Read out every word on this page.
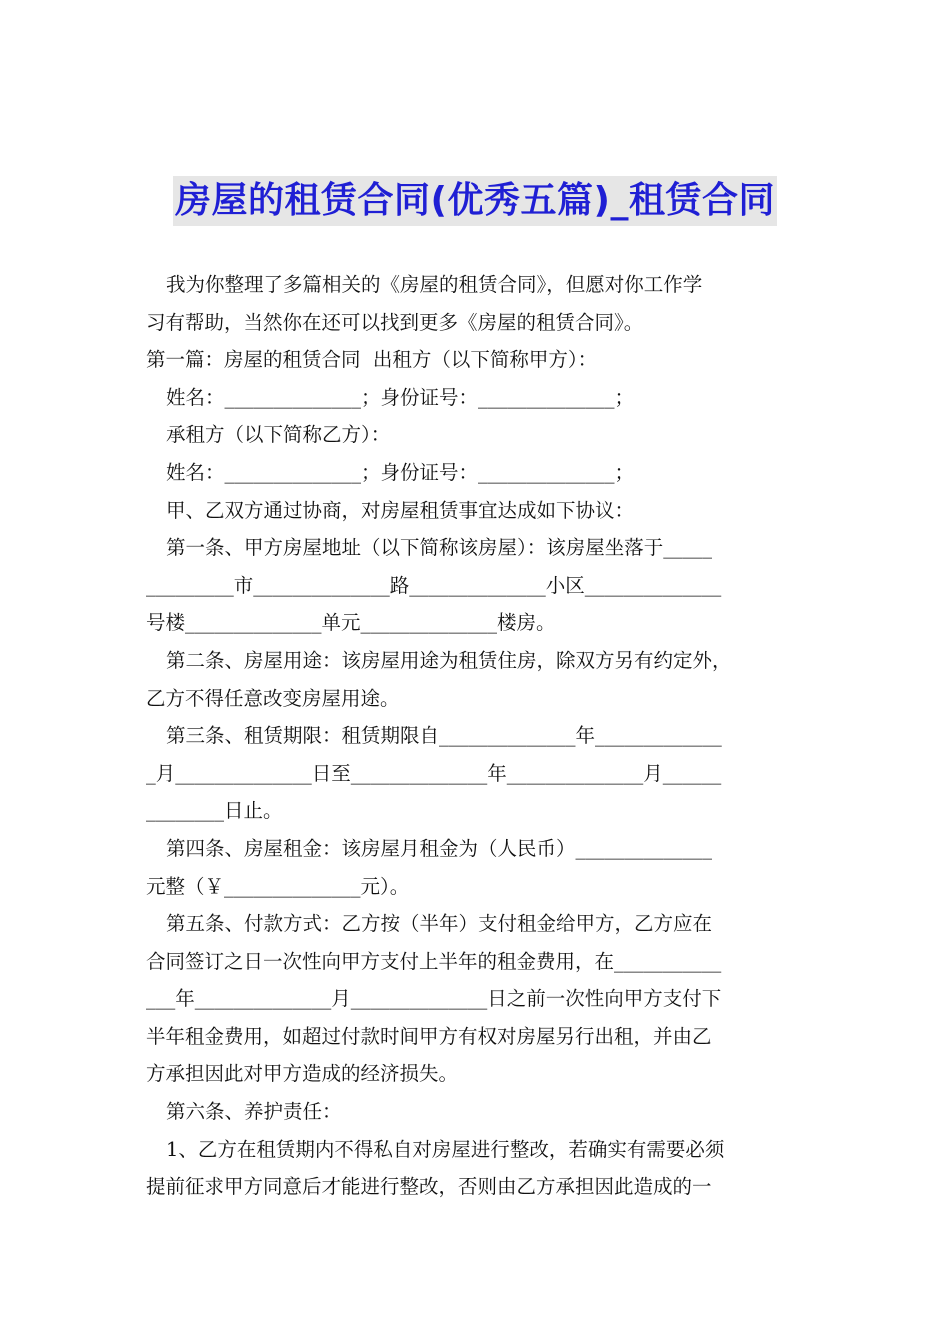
房屋的租赁合同(优秀五篇)_租赁合同
我为你整理了多篇相关的《房屋的租赁合同》，但愿对你工作学
习有帮助，当然你在还可以找到更多《房屋的租赁合同》。
第一篇：房屋的租赁合同  出租方（以下简称甲方）：
姓名：______________；身份证号：______________；
承租方（以下简称乙方）：
姓名：______________；身份证号：______________；
甲、乙双方通过协商，对房屋租赁事宜达成如下协议：
第一条、甲方房屋地址（以下简称该房屋）：该房屋坐落于_____
_________市______________路______________小区______________
号楼______________单元______________楼房。
第二条、房屋用途：该房屋用途为租赁住房，除双方另有约定外，
乙方不得任意改变房屋用途。
第三条、租赁期限：租赁期限自______________年_____________
_月______________日至______________年______________月______
________日止。
第四条、房屋租金：该房屋月租金为（人民币）______________
元整（￥______________元）。
第五条、付款方式：乙方按（半年）支付租金给甲方，乙方应在
合同签订之日一次性向甲方支付上半年的租金费用，在___________
___年______________月______________日之前一次性向甲方支付下
半年租金费用，如超过付款时间甲方有权对房屋另行出租，并由乙
方承担因此对甲方造成的经济损失。
第六条、养护责任：
1、乙方在租赁期内不得私自对房屋进行整改，若确实有需要必须
提前征求甲方同意后才能进行整改，否则由乙方承担因此造成的一
